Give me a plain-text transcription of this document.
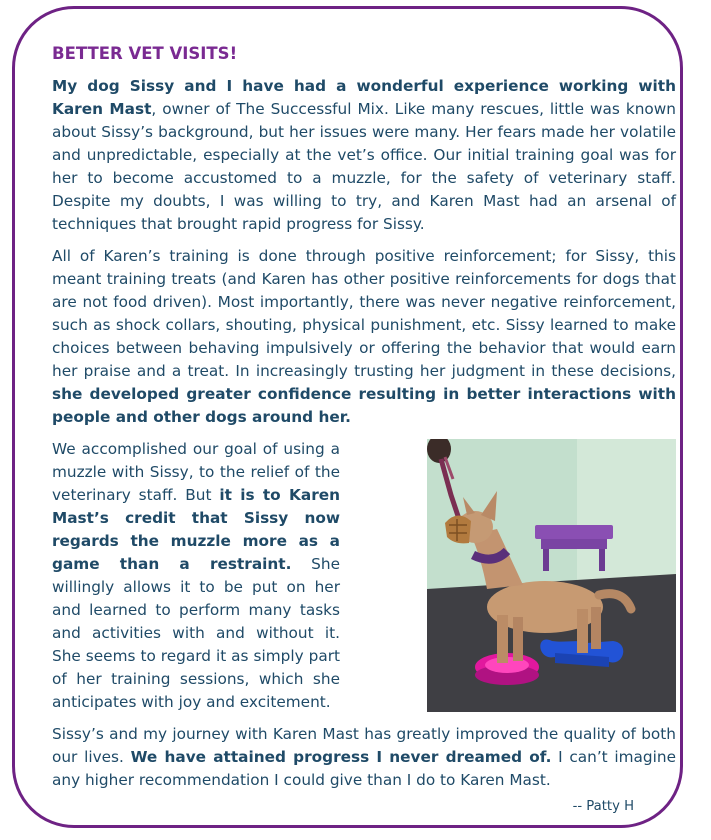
BETTER VET VISITS!

My dog Sissy and I have had a wonderful experience working with Karen Mast, owner of The Successful Mix. Like many rescues, little was known about Sissy’s background, but her issues were many. Her fears made her volatile and unpredictable, especially at the vet’s office. Our initial training goal was for her to become accustomed to a muzzle, for the safety of veterinary staff. Despite my doubts, I was willing to try, and Karen Mast had an arsenal of techniques that brought rapid progress for Sissy.

All of Karen’s training is done through positive reinforcement; for Sissy, this meant training treats (and Karen has other positive reinforcements for dogs that are not food driven). Most importantly, there was never negative reinforcement, such as shock collars, shouting, physical punishment, etc. Sissy learned to make choices between behaving impulsively or offering the behavior that would earn her praise and a treat. In increasingly trusting her judgment in these decisions, she developed greater confidence resulting in better interactions with people and other dogs around her.

We accomplished our goal of using a muzzle with Sissy, to the relief of the veterinary staff. But it is to Karen Mast’s credit that Sissy now regards the muzzle more as a game than a restraint. She willingly allows it to be put on her and learned to perform many tasks and activities with and without it. She seems to regard it as simply part of her training sessions, which she anticipates with joy and excitement.

Sissy’s and my journey with Karen Mast has greatly improved the quality of both our lives. We have attained progress I never dreamed of. I can’t imagine any higher recommendation I could give than I do to Karen Mast.

-- Patty H
